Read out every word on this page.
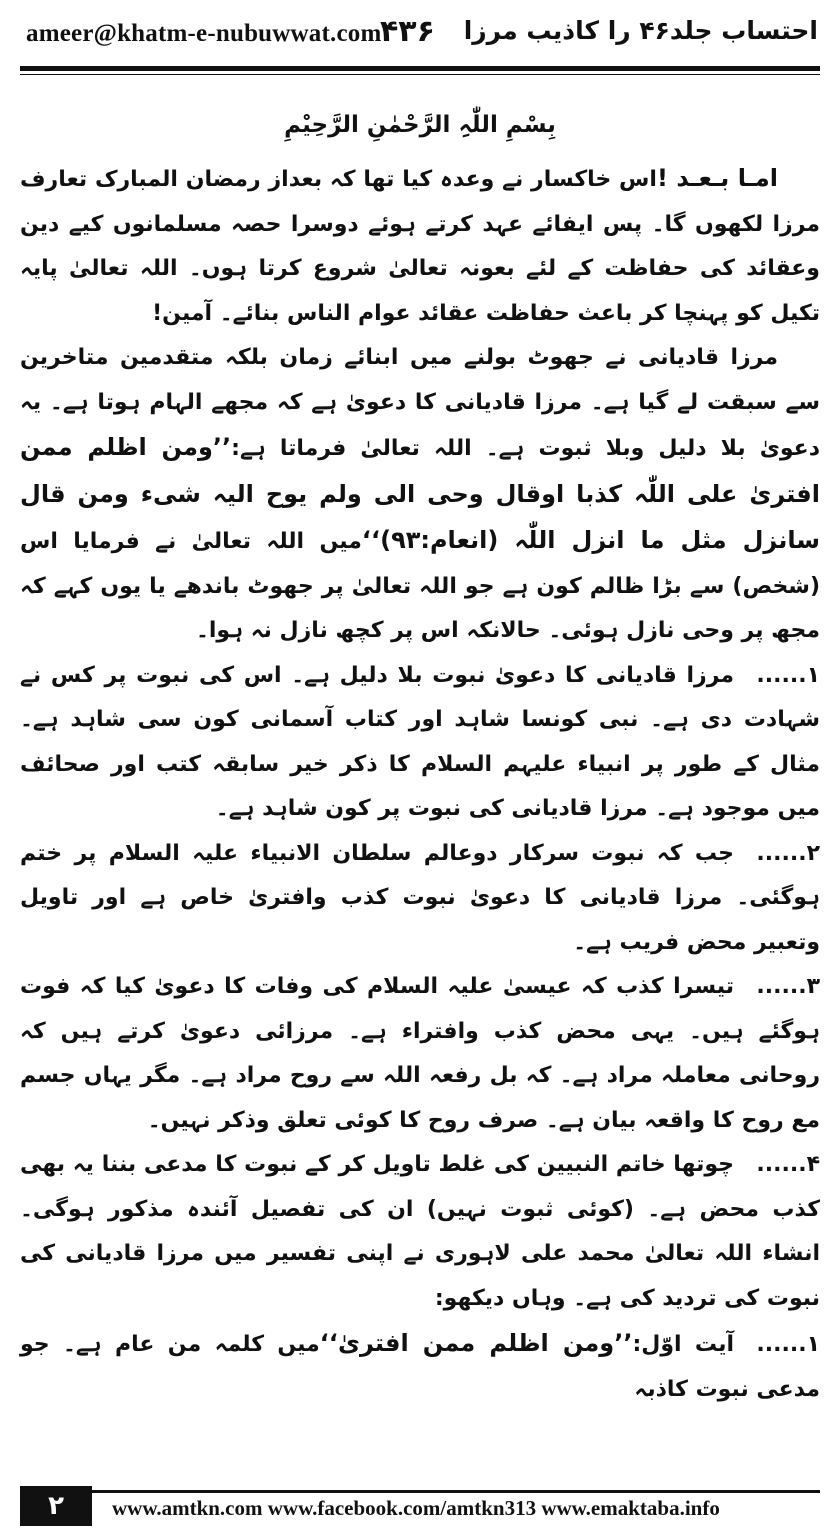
ameer@khatm-e-nubuwwat.com
۴۳۶ احتساب جلد۴۶ را کاذیب مرزا
بِسْمِ اللّٰہِ الرَّحْمٰنِ الرَّحِیْمِ

امـا بـعـد !اس خاکسار نے وعدہ کیا تھا کہ بعداز رمضان المبارک تعارف مرزا لکھوں گا۔ پس ایفائے عہد کرتے ہوئے دوسرا حصہ مسلمانوں کیے دین وعقائد کی حفاظت کے لئے بعونہ تعالیٰ شروع کرتا ہوں۔ اللہ تعالیٰ پایہ تکیل کو پہنچا کر باعث حفاظت عقائد عوام الناس بنائے۔ آمین!

مرزا قادیانی نے جھوٹ بولنے میں ابنائے زمان بلکہ متقدمین متاخرین سے سبقت لے گیا ہے۔ مرزا قادیانی کا دعویٰ ہے کہ مجھے الہام ہوتا ہے۔ یہ دعویٰ بلا دلیل وبلا ثبوت ہے۔ اللہ تعالیٰ فرماتا ہے:’’ومن اظلم ممن افتریٰ علی اللّٰہ کذبا اوقال وحی الی ولم یوح الیہ شیء ومن قال سانزل مثل ما انزل اللّٰہ (انعام:۹۳)‘‘میں اللہ تعالیٰ نے فرمایا اس (شخص) سے بڑا ظالم کون ہے جو اللہ تعالیٰ پر جھوٹ باندھے یا یوں کہے کہ مجھ پر وحی نازل ہوئی۔ حالانکہ اس پر کچھ نازل نہ ہوا۔

۱......مرزا قادیانی کا دعویٰ نبوت بلا دلیل ہے۔ اس کی نبوت پر کس نے شہادت دی ہے۔ نبی کونسا شاہد اور کتاب آسمانی کون سی شاہد ہے۔ مثال کے طور پر انبیاء علیہم السلام کا ذکر خیر سابقہ کتب اور صحائف میں موجود ہے۔ مرزا قادیانی کی نبوت پر کون شاہد ہے۔

۲......جب کہ نبوت سرکار دوعالم سلطان الانبیاء علیہ السلام پر ختم ہوگئی۔ مرزا قادیانی کا دعویٰ نبوت کذب وافتریٰ خاص ہے اور تاویل وتعبیر محض فریب ہے۔

۳......تیسرا کذب کہ عیسیٰ علیہ السلام کی وفات کا دعویٰ کیا کہ فوت ہوگئے ہیں۔ یہی محض کذب وافتراء ہے۔ مرزائی دعویٰ کرتے ہیں کہ روحانی معاملہ مراد ہے۔ کہ بل رفعہ اللہ سے روح مراد ہے۔ مگر یہاں جسم مع روح کا واقعہ بیان ہے۔ صرف روح کا کوئی تعلق وذکر نہیں۔

۴......چوتھا خاتم النبیین کی غلط تاویل کر کے نبوت کا مدعی بننا یہ بھی کذب محض ہے۔ (کوئی ثبوت نہیں) ان کی تفصیل آئندہ مذکور ہوگی۔ انشاء اللہ تعالیٰ محمد علی لاہوری نے اپنی تفسیر میں مرزا قادیانی کی نبوت کی تردید کی ہے۔ وہاں دیکھو:

۱......آیت اوّل:’’ومن اظلم ممن افتریٰ‘‘میں کلمہ من عام ہے۔ جو مدعی نبوت کاذبہ

۲	www.amtkn.com www.facebook.com/amtkn313 www.emaktaba.info
